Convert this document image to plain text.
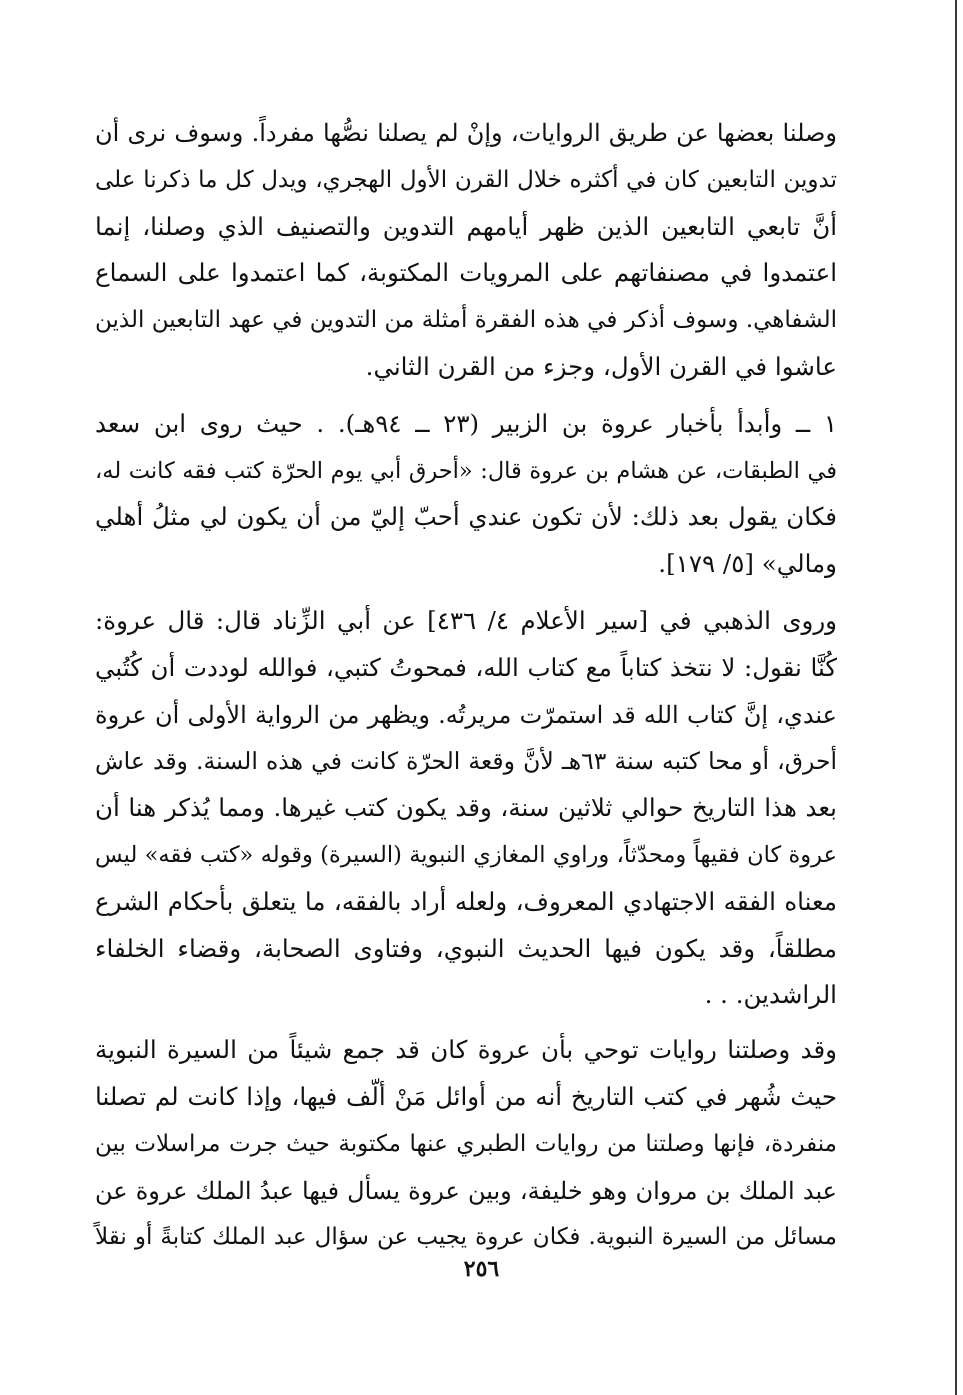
وصلنا بعضها عن طريق الروايات، وإنْ لم يصلنا نصُّها مفرداً. وسوف نرى أن
تدوين التابعين كان في أكثره خلال القرن الأول الهجري، ويدل كل ما ذكرنا على
أنَّ تابعي التابعين الذين ظهر أيامهم التدوين والتصنيف الذي وصلنا، إنما
اعتمدوا في مصنفاتهم على المرويات المكتوبة، كما اعتمدوا على السماع
الشفاهي. وسوف أذكر في هذه الفقرة أمثلة من التدوين في عهد التابعين الذين
عاشوا في القرن الأول، وجزء من القرن الثاني.
١ ــ وأبدأ بأخبار عروة بن الزبير (٢٣ ــ ٩٤هـ). . حيث روى ابن سعد
في الطبقات، عن هشام بن عروة قال: «أحرق أبي يوم الحرّة كتب فقه كانت له،
فكان يقول بعد ذلك: لأن تكون عندي أحبّ إليّ من أن يكون لي مثلُ أهلي
ومالي» [٥/ ١٧٩].
وروى الذهبي في [سير الأعلام ٤/ ٤٣٦] عن أبي الزِّناد قال: قال عروة:
كُنَّا نقول: لا نتخذ كتاباً مع كتاب الله، فمحوتُ كتبي، فوالله لوددت أن كُتُبي
عندي، إنَّ كتاب الله قد استمرّت مريرتُه. ويظهر من الرواية الأولى أن عروة
أحرق، أو محا كتبه سنة ٦٣هـ لأنَّ وقعة الحرّة كانت في هذه السنة. وقد عاش
بعد هذا التاريخ حوالي ثلاثين سنة، وقد يكون كتب غيرها. ومما يُذكر هنا أن
عروة كان فقيهاً ومحدّثاً، وراوي المغازي النبوية (السيرة) وقوله «كتب فقه» ليس
معناه الفقه الاجتهادي المعروف، ولعله أراد بالفقه، ما يتعلق بأحكام الشرع
مطلقاً، وقد يكون فيها الحديث النبوي، وفتاوى الصحابة، وقضاء الخلفاء
الراشدين. . .
وقد وصلتنا روايات توحي بأن عروة كان قد جمع شيئاً من السيرة النبوية
حيث شُهر في كتب التاريخ أنه من أوائل مَنْ ألّف فيها، وإذا كانت لم تصلنا
منفردة، فإنها وصلتنا من روايات الطبري عنها مكتوبة حيث جرت مراسلات بين
عبد الملك بن مروان وهو خليفة، وبين عروة يسأل فيها عبدُ الملك عروة عن
مسائل من السيرة النبوية. فكان عروة يجيب عن سؤال عبد الملك كتابةً أو نقلاً
٢٥٦
